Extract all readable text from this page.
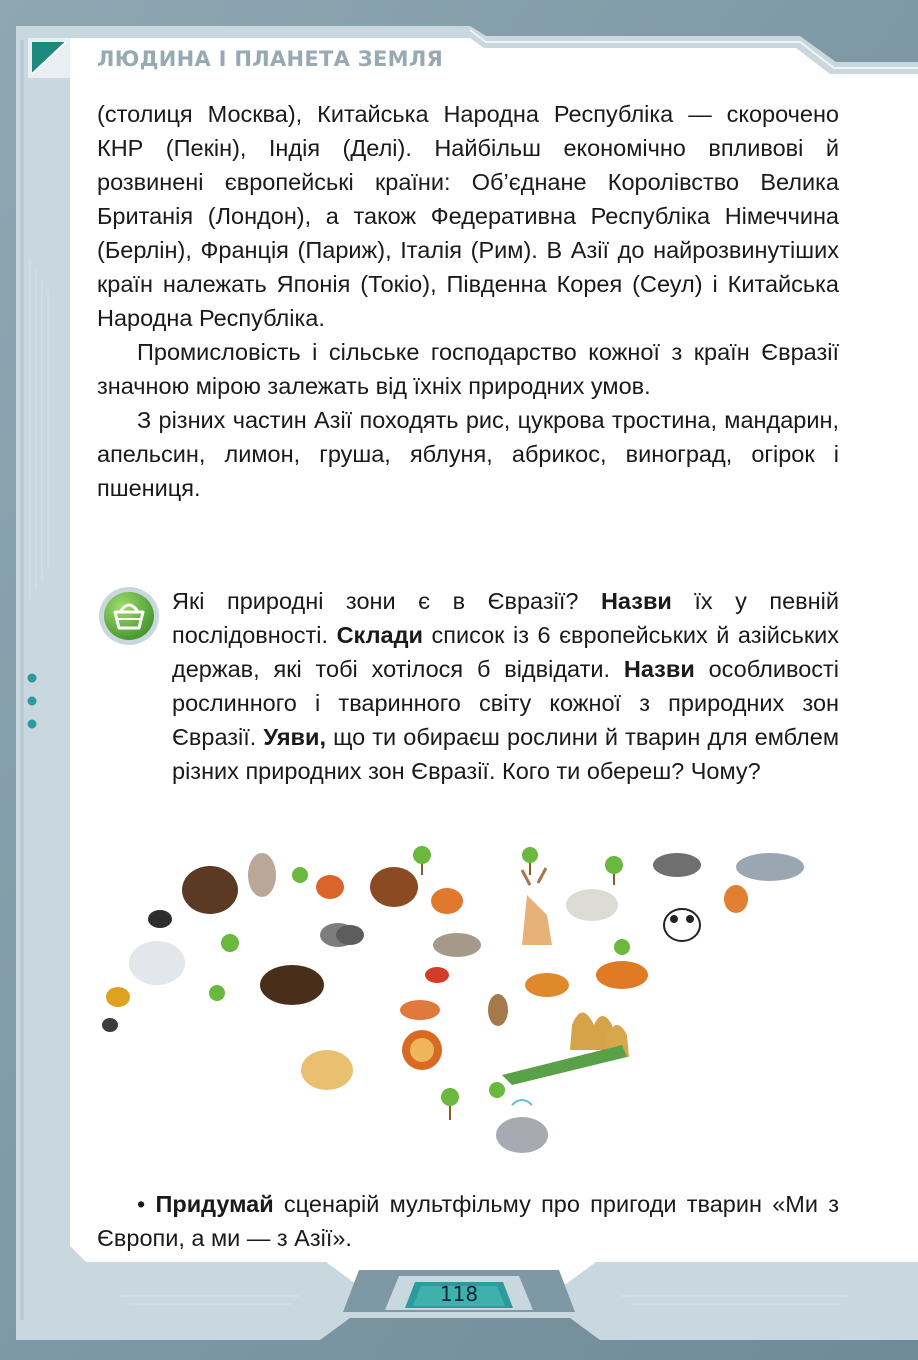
ЛЮДИНА І ПЛАНЕТА ЗЕМЛЯ

(столиця Москва), Китайська Народна Республіка — скорочено КНР (Пекін), Індія (Делі). Найбільш економічно впливові й розвинені європейські країни: Об’єднане Королівство Велика Британія (Лондон), а також Федеративна Республіка Німеччина (Берлін), Франція (Париж), Італія (Рим). В Азії до найрозвинутіших країн належать Японія (Токіо), Південна Корея (Сеул) і Китайська Народна Республіка.

Промисловість і сільське господарство кожної з країн Євразії значною мірою залежать від їхніх природних умов.

З різних частин Азії походять рис, цукрова тростина, мандарин, апельсин, лимон, груша, яблуня, абрикос, виноград, огірок і пшениця.

Які природні зони є в Євразії? Назви їх у певній послідовності. Склади список із 6 європейських й азійських держав, які тобі хотілося б відвідати. Назви особливості рослинного і тваринного світу кожної з природних зон Євразії. Уяви, що ти обираєш рослини й тварин для емблем різних природних зон Євразії. Кого ти обереш? Чому?

• Придумай сценарій мультфільму про пригоди тварин «Ми з Європи, а ми — з Азії».

118
